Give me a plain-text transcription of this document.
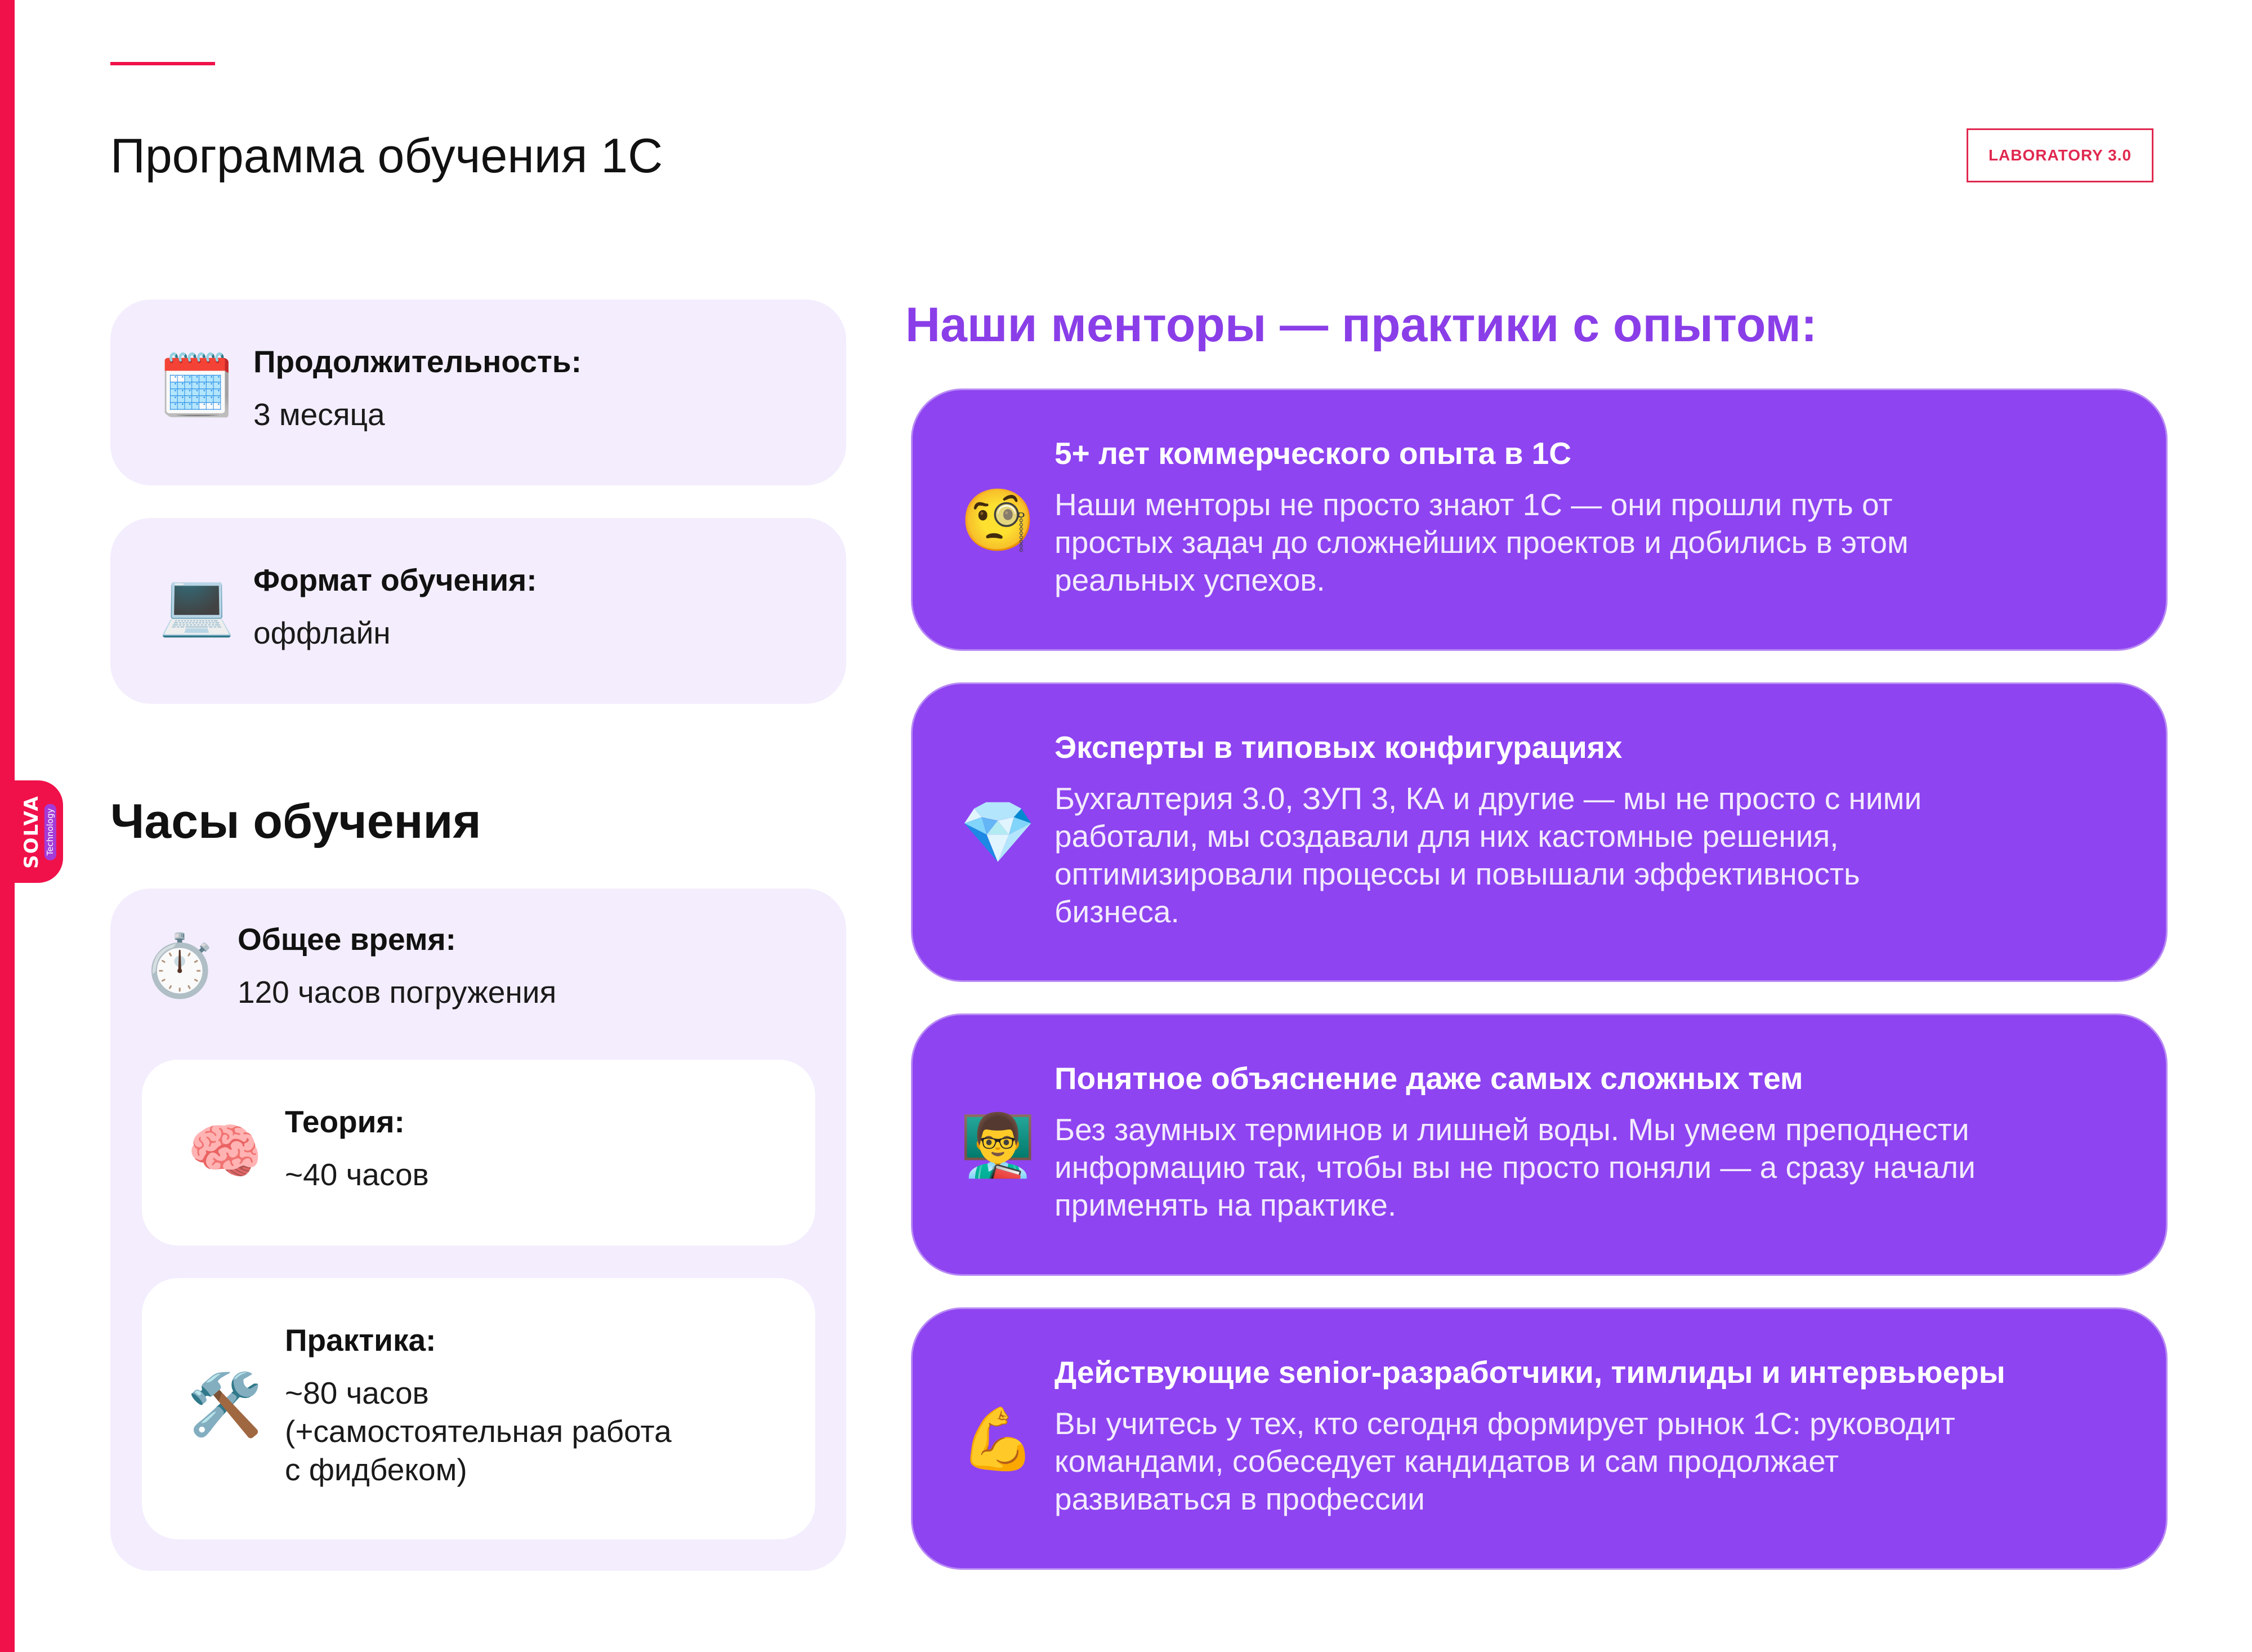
SOLVA Technology
Программа обучения 1С	LABORATORY 3.0
🗓️ Продолжительность:
3 месяца
💻 Формат обучения:
оффлайн
Часы обучения
⏱️ Общее время:
120 часов погружения
🧠 Теория:
~40 часов
🛠️
Практика:
~80 часов
(+самостоятельная работа
с фидбеком)
Наши менторы — практики с опытом:
🧐
5+ лет коммерческого опыта в 1С
Наши менторы не просто знают 1С — они прошли путь от
простых задач до сложнейших проектов и добились в этом
реальных успехов.
💎
Эксперты в типовых конфигурациях
Бухгалтерия 3.0, ЗУП 3, КА и другие — мы не просто с ними
работали, мы создавали для них кастомные решения,
оптимизировали процессы и повышали эффективность
бизнеса.
👨‍🏫
Понятное объяснение даже самых сложных тем
Без заумных терминов и лишней воды. Мы умеем преподнести
информацию так, чтобы вы не просто поняли — а сразу начали
применять на практике.
💪
Действующие senior-разработчики, тимлиды и интервьюеры
Вы учитесь у тех, кто сегодня формирует рынок 1С: руководит
командами, собеседует кандидатов и сам продолжает
развиваться в профессии
